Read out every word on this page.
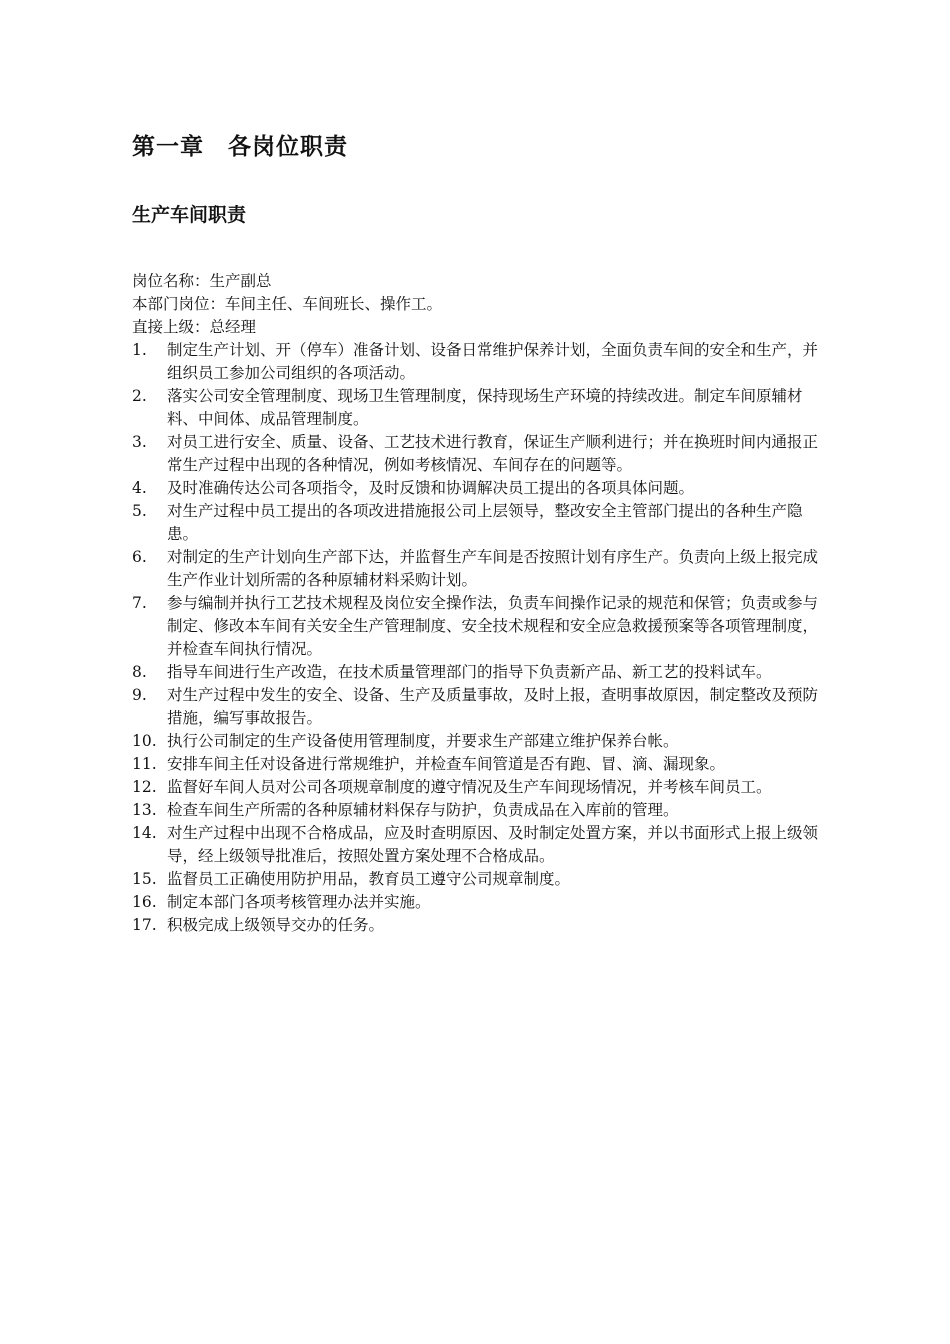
第一章　各岗位职责
生产车间职责
岗位名称：生产副总
本部门岗位：车间主任、车间班长、操作工。
直接上级：总经理
1.	制定生产计划、开（停车）准备计划、设备日常维护保养计划，全面负责车间的安全和生产，并组织员工参加公司组织的各项活动。
2.	落实公司安全管理制度、现场卫生管理制度，保持现场生产环境的持续改进。制定车间原辅材料、中间体、成品管理制度。
3.	对员工进行安全、质量、设备、工艺技术进行教育，保证生产顺利进行；并在换班时间内通报正常生产过程中出现的各种情况，例如考核情况、车间存在的问题等。
4.	及时准确传达公司各项指令，及时反馈和协调解决员工提出的各项具体问题。
5.	对生产过程中员工提出的各项改进措施报公司上层领导，整改安全主管部门提出的各种生产隐患。
6.	对制定的生产计划向生产部下达，并监督生产车间是否按照计划有序生产。负责向上级上报完成生产作业计划所需的各种原辅材料采购计划。
7.	参与编制并执行工艺技术规程及岗位安全操作法，负责车间操作记录的规范和保管；负责或参与制定、修改本车间有关安全生产管理制度、安全技术规程和安全应急救援预案等各项管理制度，并检查车间执行情况。
8.	指导车间进行生产改造，在技术质量管理部门的指导下负责新产品、新工艺的投料试车。
9.	对生产过程中发生的安全、设备、生产及质量事故，及时上报，查明事故原因，制定整改及预防措施，编写事故报告。
10. 执行公司制定的生产设备使用管理制度，并要求生产部建立维护保养台帐。
11. 安排车间主任对设备进行常规维护，并检查车间管道是否有跑、冒、滴、漏现象。
12. 监督好车间人员对公司各项规章制度的遵守情况及生产车间现场情况，并考核车间员工。
13. 检查车间生产所需的各种原辅材料保存与防护，负责成品在入库前的管理。
14. 对生产过程中出现不合格成品，应及时查明原因、及时制定处置方案，并以书面形式上报上级领导，经上级领导批准后，按照处置方案处理不合格成品。
15. 监督员工正确使用防护用品，教育员工遵守公司规章制度。
16. 制定本部门各项考核管理办法并实施。
17. 积极完成上级领导交办的任务。
